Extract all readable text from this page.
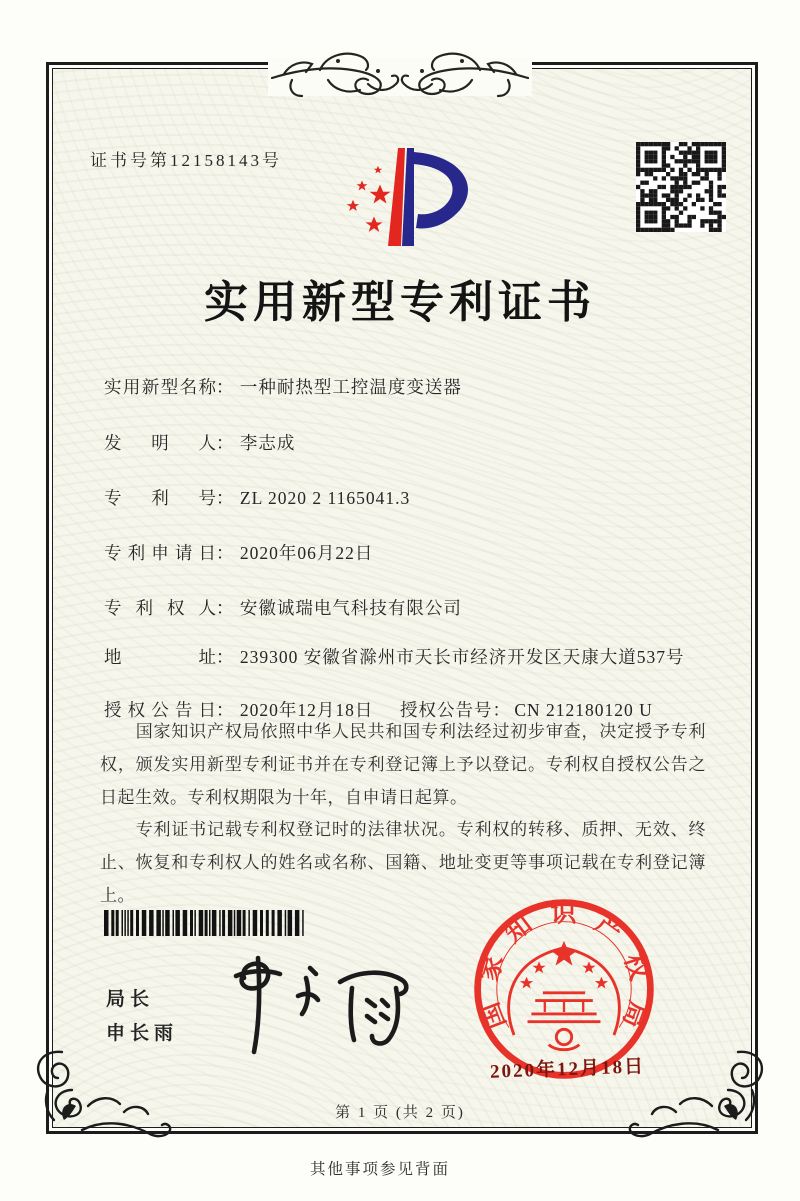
证书号第12158143号
实用新型专利证书
实用新型名称： 一种耐热型工控温度变送器
发明人： 李志成
专利号： ZL 2020 2 1165041.3
专利申请日： 2020年06月22日
专利权人： 安徽诚瑞电气科技有限公司
地址： 239300 安徽省滁州市天长市经济开发区天康大道537号
授权公告日： 2020年12月18日 授权公告号： CN 212180120 U

国家知识产权局依照中华人民共和国专利法经过初步审查，决定授予专利权，颁发实用新型专利证书并在专利登记簿上予以登记。专利权自授权公告之日起生效。专利权期限为十年，自申请日起算。

专利证书记载专利权登记时的法律状况。专利权的转移、质押、无效、终止、恢复和专利权人的姓名或名称、国籍、地址变更等事项记载在专利登记簿上。

局长
申长雨
国家知识产权局
2020年12月18日
第 1 页 (共 2 页)
其他事项参见背面
